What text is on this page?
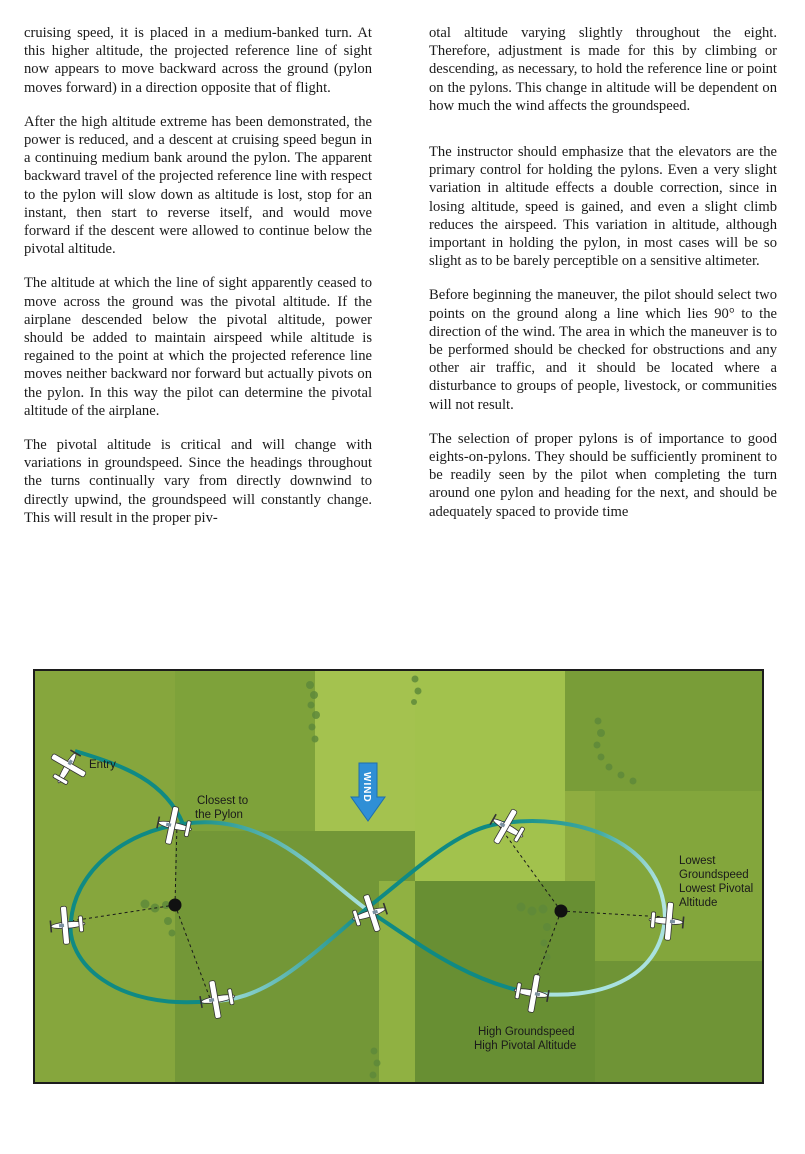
cruising speed, it is placed in a medium-banked turn. At this higher altitude, the projected reference line of sight now appears to move backward across the ground (pylon moves forward) in a direction opposite that of flight.

After the high altitude extreme has been demonstrated, the power is reduced, and a descent at cruising speed begun in a continuing medium bank around the pylon. The apparent backward travel of the projected reference line with respect to the pylon will slow down as altitude is lost, stop for an instant, then start to reverse itself, and would move forward if the descent were allowed to continue below the pivotal altitude.

The altitude at which the line of sight apparently ceased to move across the ground was the pivotal altitude. If the airplane descended below the pivotal altitude, power should be added to maintain airspeed while altitude is regained to the point at which the projected reference line moves neither backward nor forward but actually pivots on the pylon. In this way the pilot can determine the pivotal altitude of the airplane.

The pivotal altitude is critical and will change with variations in groundspeed. Since the headings throughout the turns continually vary from directly downwind to directly upwind, the groundspeed will constantly change. This will result in the proper piv-

otal altitude varying slightly throughout the eight. Therefore, adjustment is made for this by climbing or descending, as necessary, to hold the reference line or point on the pylons. This change in altitude will be dependent on how much the wind affects the groundspeed.

The instructor should emphasize that the elevators are the primary control for holding the pylons. Even a very slight variation in altitude effects a double correction, since in losing altitude, speed is gained, and even a slight climb reduces the airspeed. This variation in altitude, although important in holding the pylon, in most cases will be so slight as to be barely perceptible on a sensitive altimeter.

Before beginning the maneuver, the pilot should select two points on the ground along a line which lies 90° to the direction of the wind. The area in which the maneuver is to be performed should be checked for obstructions and any other air traffic, and it should be located where a disturbance to groups of people, livestock, or communities will not result.

The selection of proper pylons is of importance to good eights-on-pylons. They should be sufficiently prominent to be readily seen by the pilot when completing the turn around one pylon and heading for the next, and should be adequately spaced to provide time

WIND
Entry
Closest to
the Pylon
Lowest
Groundspeed
Lowest Pivotal
Altitude
High Groundspeed
High Pivotal Altitude
